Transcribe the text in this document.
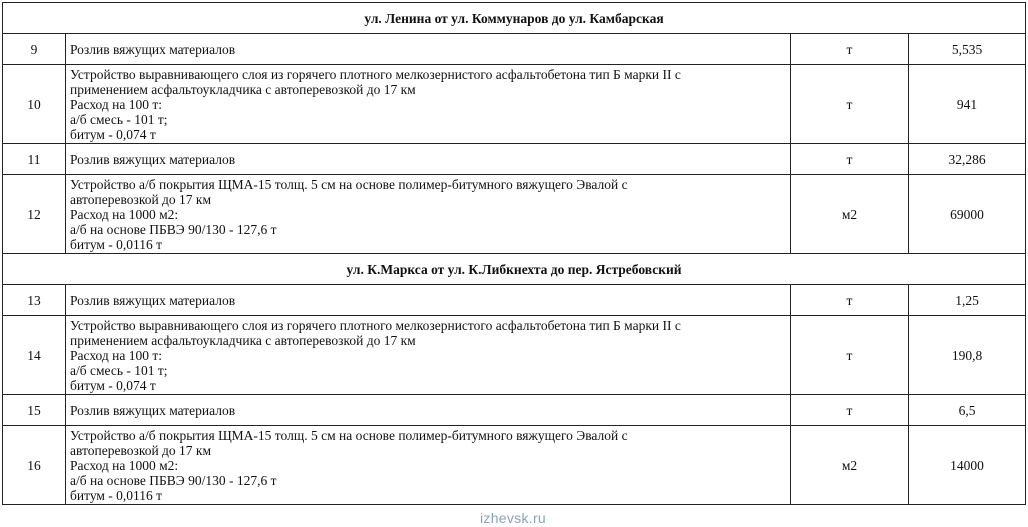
ул. Ленина от ул. Коммунаров до ул. Камбарская			
9	Розлив вяжущих материалов	т	5,535
10	Устройство выравнивающего слоя из горячего плотного мелкозернистого асфальтобетона тип Б марки II с
применением асфальтоукладчика с автоперевозкой до 17 км
Расход на 100 т:
а/б смесь - 101 т;
битум - 0,074 т	т	941
11	Розлив вяжущих материалов	т	32,286
12	Устройство а/б покрытия ЩМА-15 толщ. 5 см на основе полимер-битумного вяжущего Эвалой с
автоперевозкой до 17 км
Расход на 1000 м2:
а/б на основе ПБВЭ 90/130 - 127,6 т
битум - 0,0116 т	м2	69000
ул. К.Маркса от ул. К.Либкнехта до пер. Ястребовский			
13	Розлив вяжущих материалов	т	1,25
14	Устройство выравнивающего слоя из горячего плотного мелкозернистого асфальтобетона тип Б марки II с
применением асфальтоукладчика с автоперевозкой до 17 км
Расход на 100 т:
а/б смесь - 101 т;
битум - 0,074 т	т	190,8
15	Розлив вяжущих материалов	т	6,5
16	Устройство а/б покрытия ЩМА-15 толщ. 5 см на основе полимер-битумного вяжущего Эвалой с
автоперевозкой до 17 км
Расход на 1000 м2:
а/б на основе ПБВЭ 90/130 - 127,6 т
битум - 0,0116 т	м2	14000
izhevsk.ru
